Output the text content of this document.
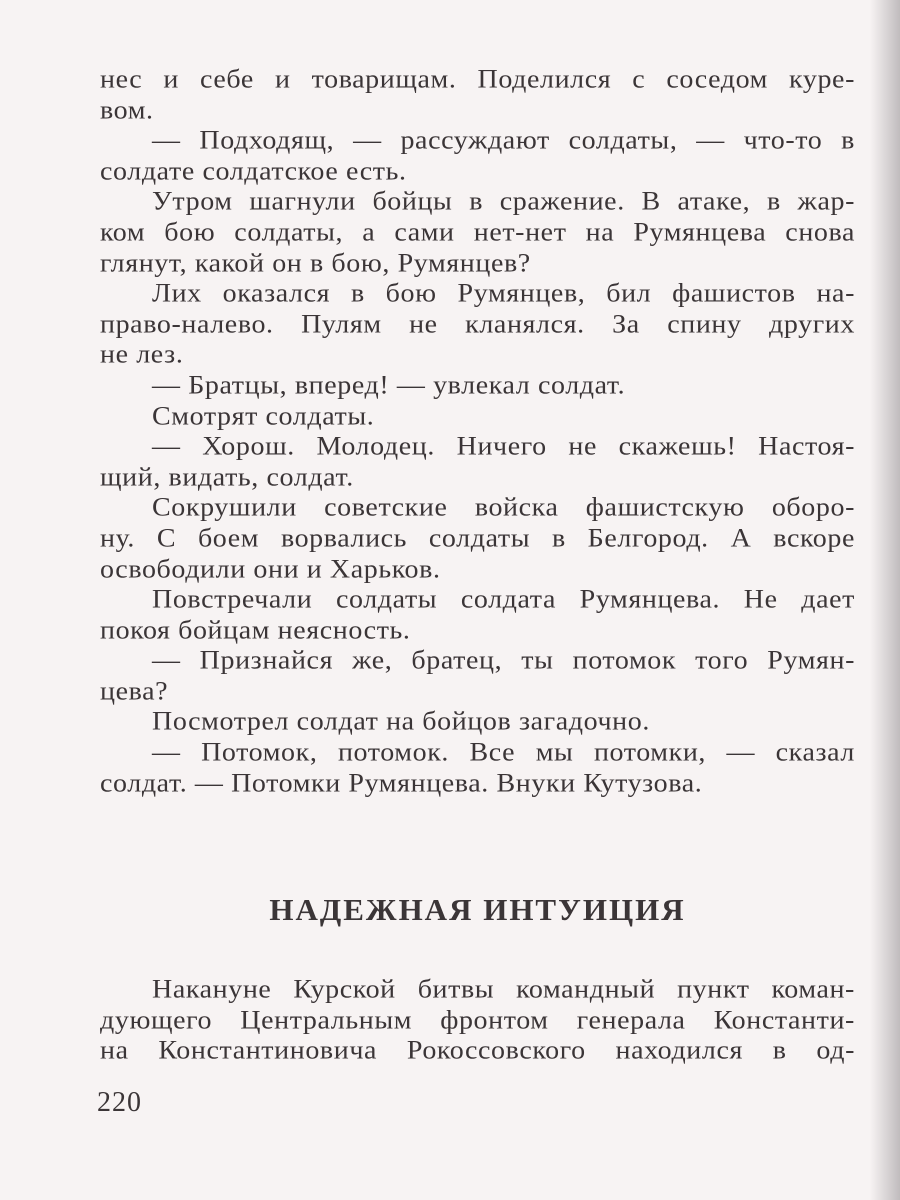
нес и себе и товарищам. Поделился с соседом куре-
вом.
— Подходящ, — рассуждают солдаты, — что-то в
солдате солдатское есть.
Утром шагнули бойцы в сражение. В атаке, в жар-
ком бою солдаты, а сами нет-нет на Румянцева снова
глянут, какой он в бою, Румянцев?
Лих оказался в бою Румянцев, бил фашистов на-
право-налево. Пулям не кланялся. За спину других
не лез.
— Братцы, вперед! — увлекал солдат.
Смотрят солдаты.
— Хорош. Молодец. Ничего не скажешь! Настоя-
щий, видать, солдат.
Сокрушили советские войска фашистскую оборо-
ну. С боем ворвались солдаты в Белгород. А вскоре
освободили они и Харьков.
Повстречали солдаты солдата Румянцева. Не дает
покоя бойцам неясность.
— Признайся же, братец, ты потомок того Румян-
цева?
Посмотрел солдат на бойцов загадочно.
— Потомок, потомок. Все мы потомки, — сказал
солдат. — Потомки Румянцева. Внуки Кутузова.
НАДЕЖНАЯ ИНТУИЦИЯ
Накануне Курской битвы командный пункт коман-
дующего Центральным фронтом генерала Константи-
на Константиновича Рокоссовского находился в од-
220
